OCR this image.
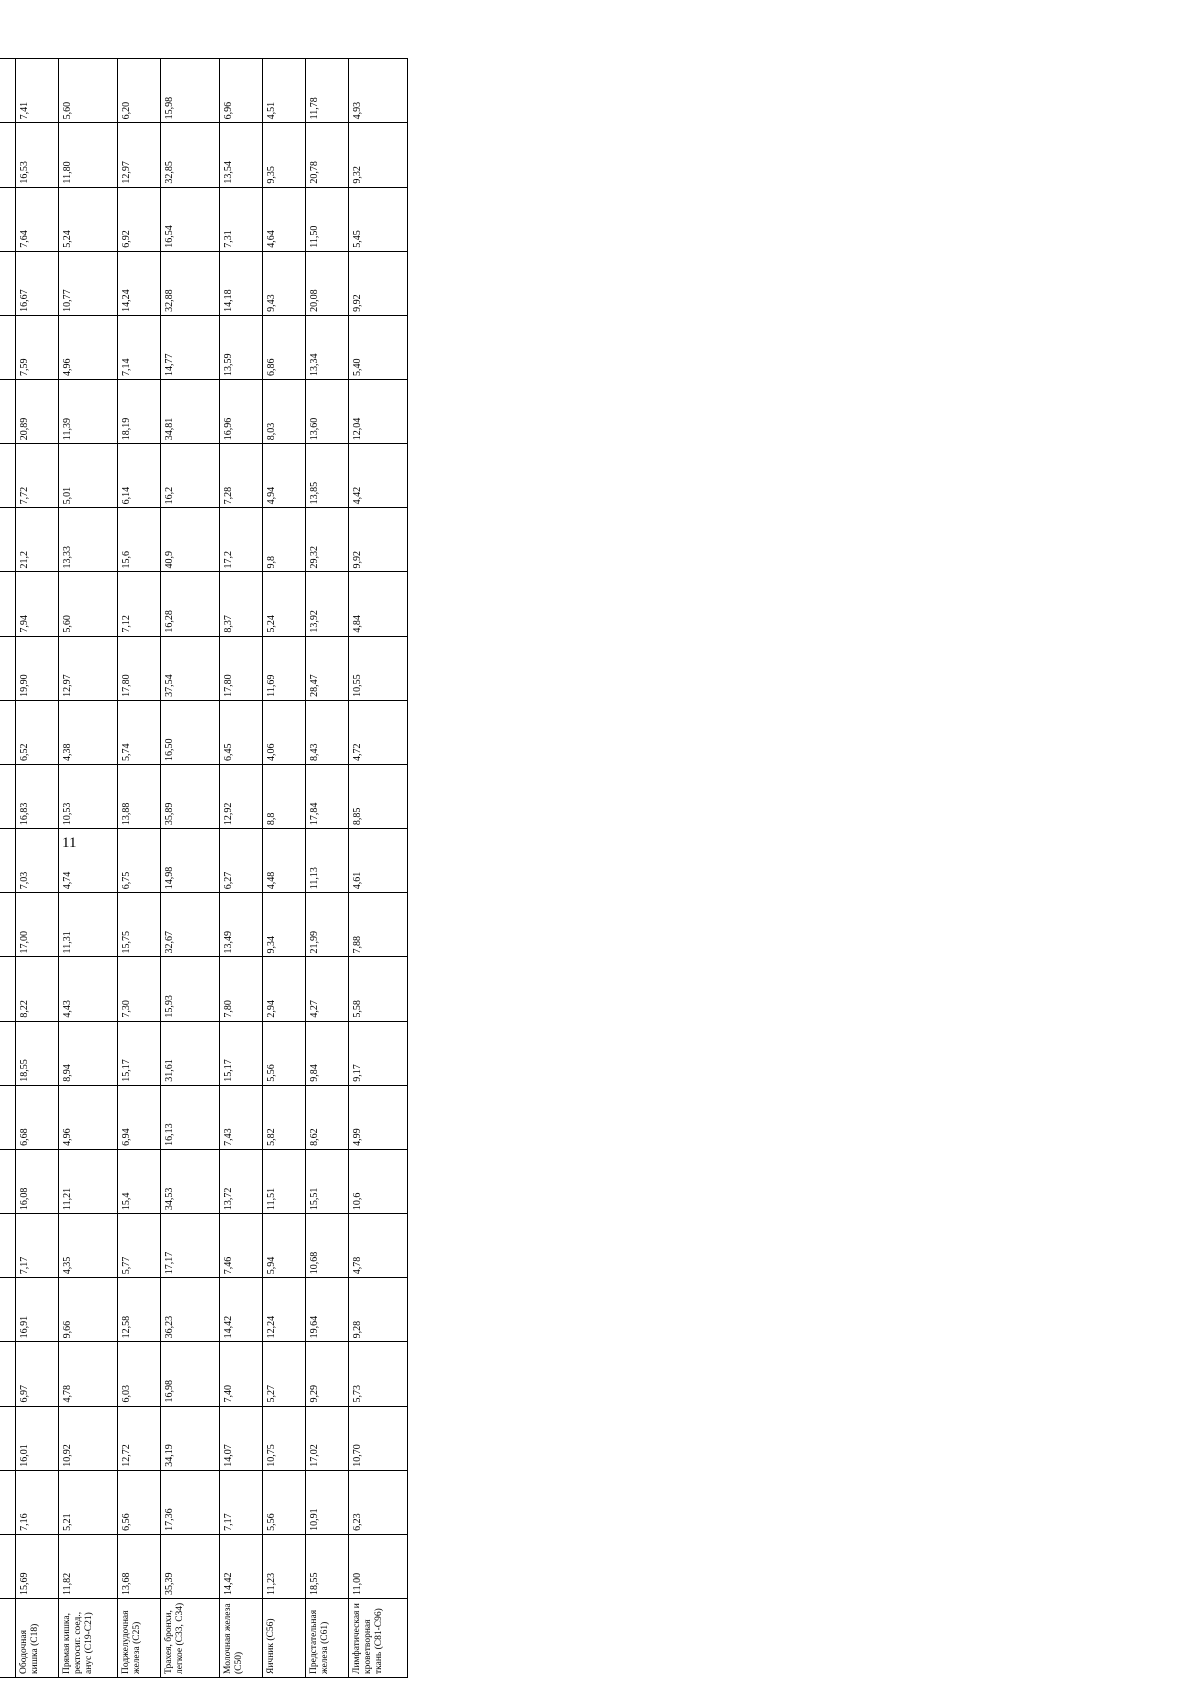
11

Ободочная кишка (С18)	15,69	7,16	16,01	6,97	16,91	7,17	16,08	6,68	18,55	8,22	17,00	7,03	16,83	6,52	19,90	7,94	21,2	7,72	20,89	7,59	16,67	7,64	16,53	7,41
Прямая кишка, ректосиг. соед., анус (С19-С21)	11,82	5,21	10,92	4,78	9,66	4,35	11,21	4,96	8,94	4,43	11,31	4,74	10,53	4,38	12,97	5,60	13,33	5,01	11,39	4,96	10,77	5,24	11,80	5,60
Поджелудочная железа (С25)	13,68	6,56	12,72	6,03	12,58	5,77	15,4	6,94	15,17	7,30	15,75	6,75	13,88	5,74	17,80	7,12	15,6	6,14	18,19	7,14	14,24	6,92	12,97	6,20
Трахея, бронхи, легкое (С33, С34)	35,39	17,36	34,19	16,98	36,23	17,17	34,53	16,13	31,61	15,93	32,67	14,98	35,89	16,50	37,54	16,28	40,9	16,2	34,81	14,77	32,88	16,54	32,85	15,98
Молочная железа (С50)	14,42	7,17	14,07	7,40	14,42	7,46	13,72	7,43	15,17	7,80	13,49	6,27	12,92	6,45	17,80	8,37	17,2	7,28	16,96	13,59	14,18	7,31	13,54	6,96
Яичник (С56)	11,23	5,56	10,75	5,27	12,24	5,94	11,51	5,82	5,56	2,94	9,34	4,48	8,8	4,06	11,69	5,24	9,8	4,94	8,03	6,86	9,43	4,64	9,35	4,51
Предстательная железа (С61)	18,55	10,91	17,02	9,29	19,64	10,68	15,51	8,62	9,84	4,27	21,99	11,13	17,84	8,43	28,47	13,92	29,32	13,85	13,60	13,34	20,08	11,50	20,78	11,78
Лимфатическая и кроветворная ткань (С81-С96)	11,00	6,23	10,70	5,73	9,28	4,78	10,6	4,99	9,17	5,58	7,88	4,61	8,85	4,72	10,55	4,84	9,92	4,42	12,04	5,40	9,92	5,45	9,32	4,93
